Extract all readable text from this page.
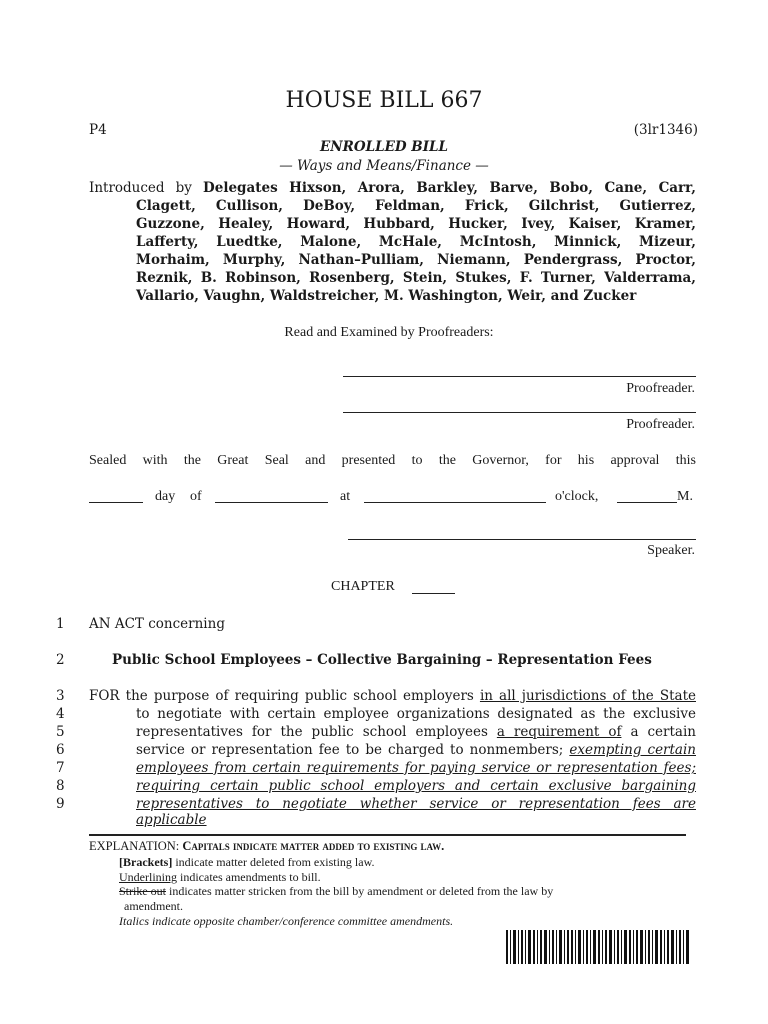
HOUSE BILL 667
P4	(3lr1346)
ENROLLED BILL
— Ways and Means/Finance —
Introduced by Delegates Hixson, Arora, Barkley, Barve, Bobo, Cane, Carr,
Clagett, Cullison, DeBoy, Feldman, Frick, Gilchrist, Gutierrez,
Guzzone, Healey, Howard, Hubbard, Hucker, Ivey, Kaiser, Kramer,
Lafferty, Luedtke, Malone, McHale, McIntosh, Minnick, Mizeur,
Morhaim, Murphy, Nathan–Pulliam, Niemann, Pendergrass, Proctor,
Reznik, B. Robinson, Rosenberg, Stein, Stukes, F. Turner, Valderrama,
Vallario, Vaughn, Waldstreicher, M. Washington, Weir, and Zucker
Read and Examined by Proofreaders:
Proofreader.
Proofreader.
Sealed with the Great Seal and presented to the Governor, for his approval this
day of	at	o'clock,	M.
Speaker.
CHAPTER
1
2
3
4
5
6
7
8
9
AN ACT concerning
Public School Employees – Collective Bargaining – Representation Fees
FOR the purpose of requiring public school employers in all jurisdictions of the State
to negotiate with certain employee organizations designated as the exclusive
representatives for the public school employees a requirement of a certain
service or representation fee to be charged to nonmembers; exempting certain
employees from certain requirements for paying service or representation fees;
requiring certain public school employers and certain exclusive bargaining
representatives to negotiate whether service or representation fees are applicable
EXPLANATION: Capitals indicate matter added to existing law.
[Brackets] indicate matter deleted from existing law.
Underlining indicates amendments to bill.
Strike out indicates matter stricken from the bill by amendment or deleted from the law by
amendment.
Italics indicate opposite chamber/conference committee amendments.
